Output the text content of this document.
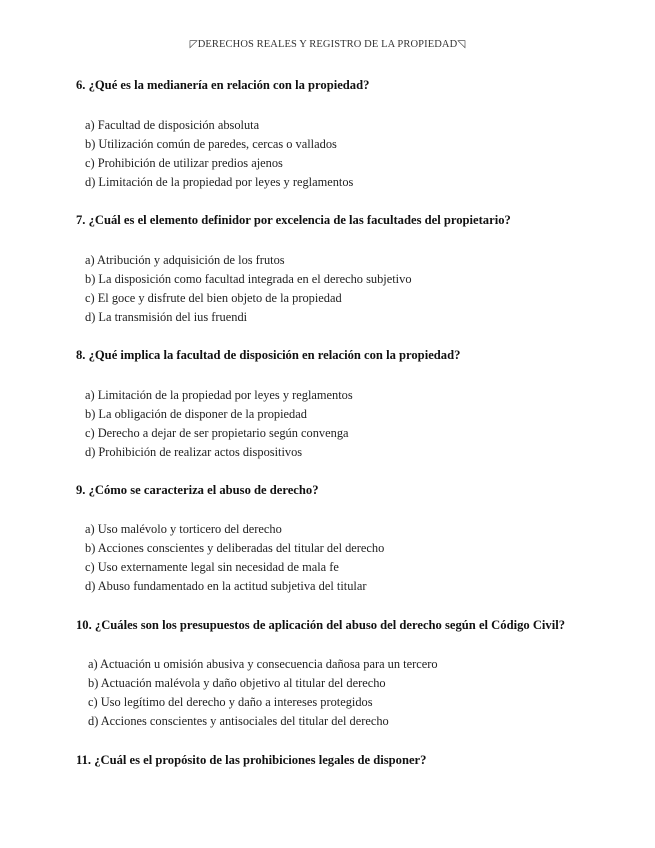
◸DERECHOS REALES Y REGISTRO DE LA PROPIEDAD◹
6. ¿Qué es la medianería en relación con la propiedad?
a) Facultad de disposición absoluta
b) Utilización común de paredes, cercas o vallados
c) Prohibición de utilizar predios ajenos
d) Limitación de la propiedad por leyes y reglamentos
7. ¿Cuál es el elemento definidor por excelencia de las facultades del propietario?
a) Atribución y adquisición de los frutos
b) La disposición como facultad integrada en el derecho subjetivo
c) El goce y disfrute del bien objeto de la propiedad
d) La transmisión del ius fruendi
8. ¿Qué implica la facultad de disposición en relación con la propiedad?
a) Limitación de la propiedad por leyes y reglamentos
b) La obligación de disponer de la propiedad
c) Derecho a dejar de ser propietario según convenga
d) Prohibición de realizar actos dispositivos
9. ¿Cómo se caracteriza el abuso de derecho?
a) Uso malévolo y torticero del derecho
b) Acciones conscientes y deliberadas del titular del derecho
c) Uso externamente legal sin necesidad de mala fe
d) Abuso fundamentado en la actitud subjetiva del titular
10. ¿Cuáles son los presupuestos de aplicación del abuso del derecho según el Código Civil?
a) Actuación u omisión abusiva y consecuencia dañosa para un tercero
b) Actuación malévola y daño objetivo al titular del derecho
c) Uso legítimo del derecho y daño a intereses protegidos
d) Acciones conscientes y antisociales del titular del derecho
11. ¿Cuál es el propósito de las prohibiciones legales de disponer?
